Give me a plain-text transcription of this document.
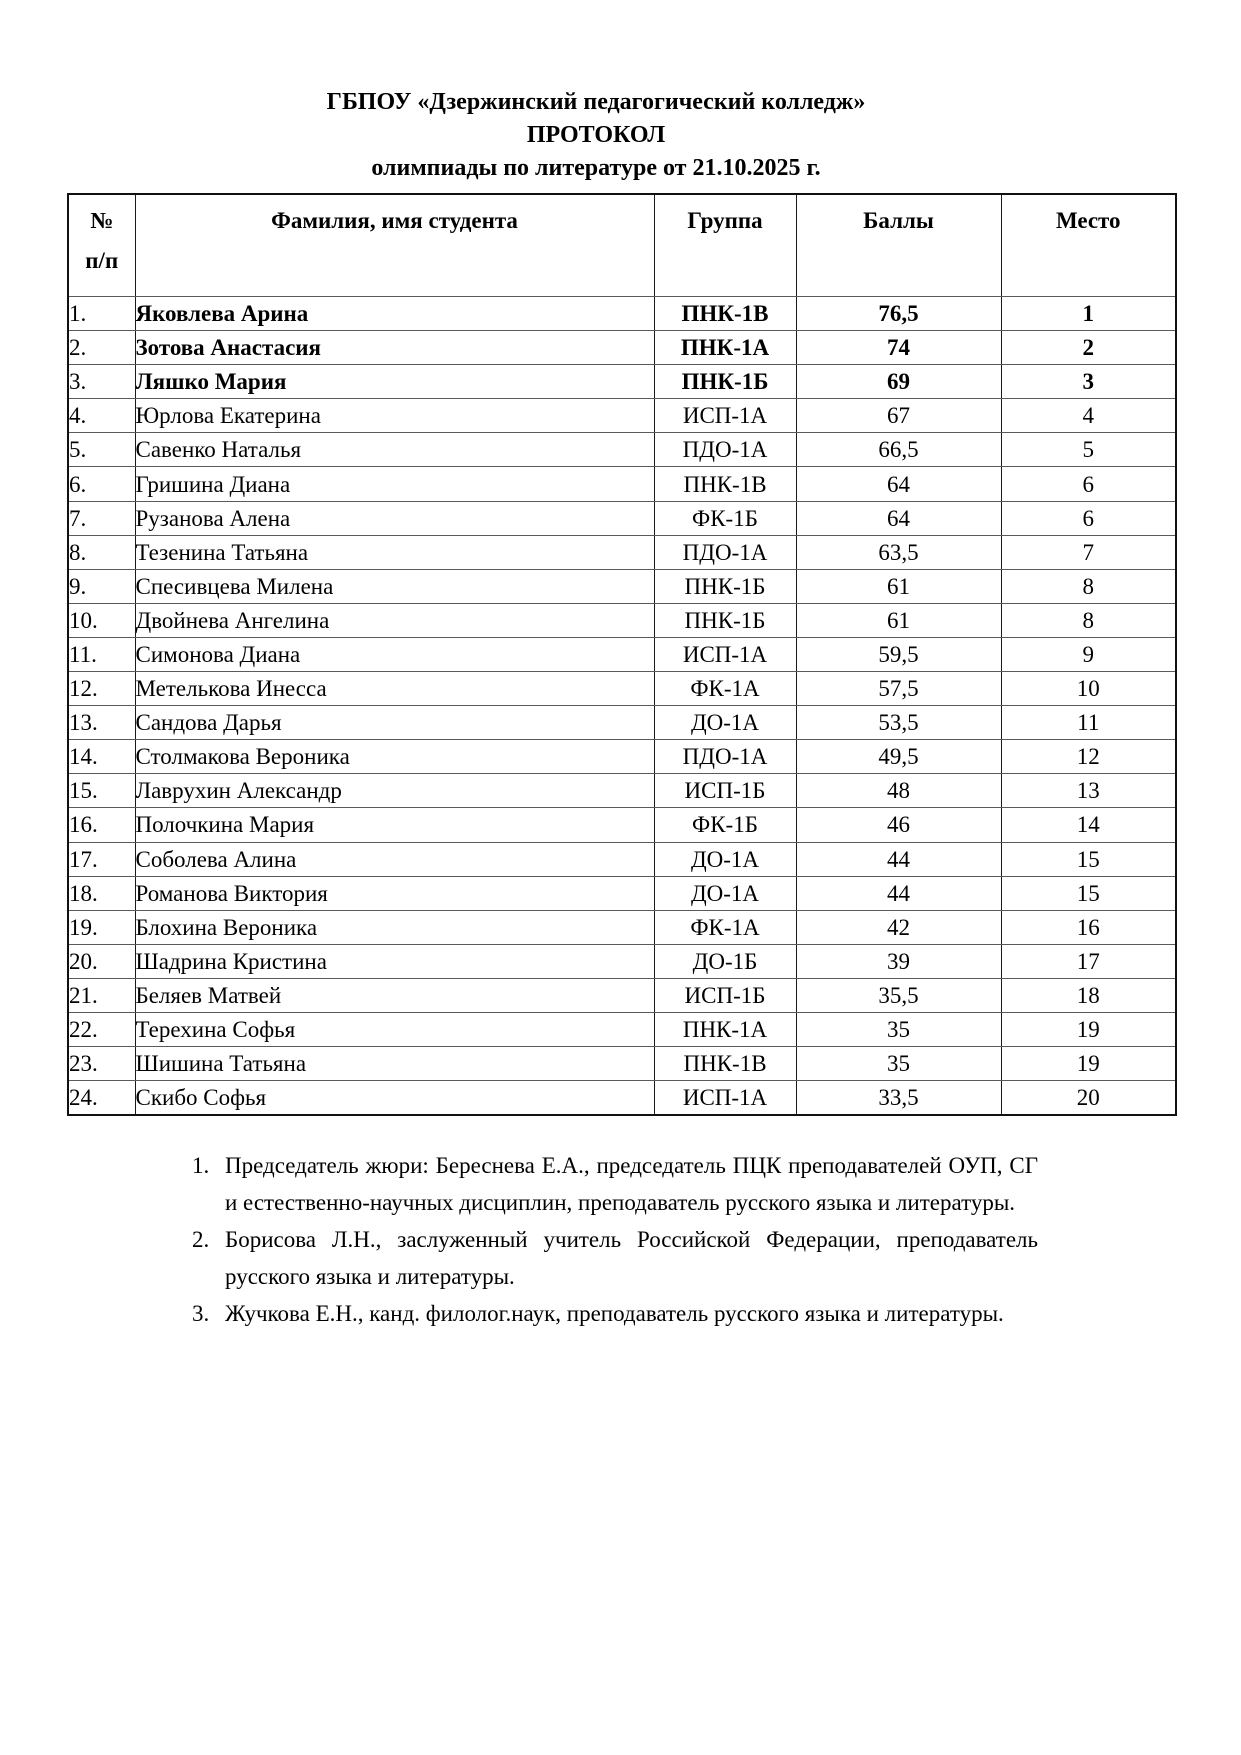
ГБПОУ «Дзержинский педагогический колледж»
ПРОТОКОЛ
олимпиады по литературе от 21.10.2025 г.
№
п/п	Фамилия, имя студента	Группа	Баллы	Место
1.	Яковлева Арина	ПНК-1В	76,5	1
2.	Зотова Анастасия	ПНК-1А	74	2
3.	Ляшко Мария	ПНК-1Б	69	3
4.	Юрлова Екатерина	ИСП-1А	67	4
5.	Савенко Наталья	ПДО-1А	66,5	5
6.	Гришина Диана	ПНК-1В	64	6
7.	Рузанова Алена	ФК-1Б	64	6
8.	Тезенина Татьяна	ПДО-1А	63,5	7
9.	Спесивцева Милена	ПНК-1Б	61	8
10.	Двойнева Ангелина	ПНК-1Б	61	8
11.	Симонова Диана	ИСП-1А	59,5	9
12.	Метелькова Инесса	ФК-1А	57,5	10
13.	Сандова Дарья	ДО-1А	53,5	11
14.	Столмакова Вероника	ПДО-1А	49,5	12
15.	Лаврухин Александр	ИСП-1Б	48	13
16.	Полочкина Мария	ФК-1Б	46	14
17.	Соболева Алина	ДО-1А	44	15
18.	Романова Виктория	ДО-1А	44	15
19.	Блохина Вероника	ФК-1А	42	16
20.	Шадрина Кристина	ДО-1Б	39	17
21.	Беляев Матвей	ИСП-1Б	35,5	18
22.	Терехина Софья	ПНК-1А	35	19
23.	Шишина Татьяна	ПНК-1В	35	19
24.	Скибо Софья	ИСП-1А	33,5	20
1. Председатель жюри: Береснева Е.А., председатель ПЦК преподавателей ОУП, СГ и естественно-научных дисциплин, преподаватель русского языка и литературы.
2. Борисова Л.Н., заслуженный учитель Российской Федерации, преподаватель русского языка и литературы.
3. Жучкова Е.Н., канд. филолог.наук, преподаватель русского языка и литературы.
